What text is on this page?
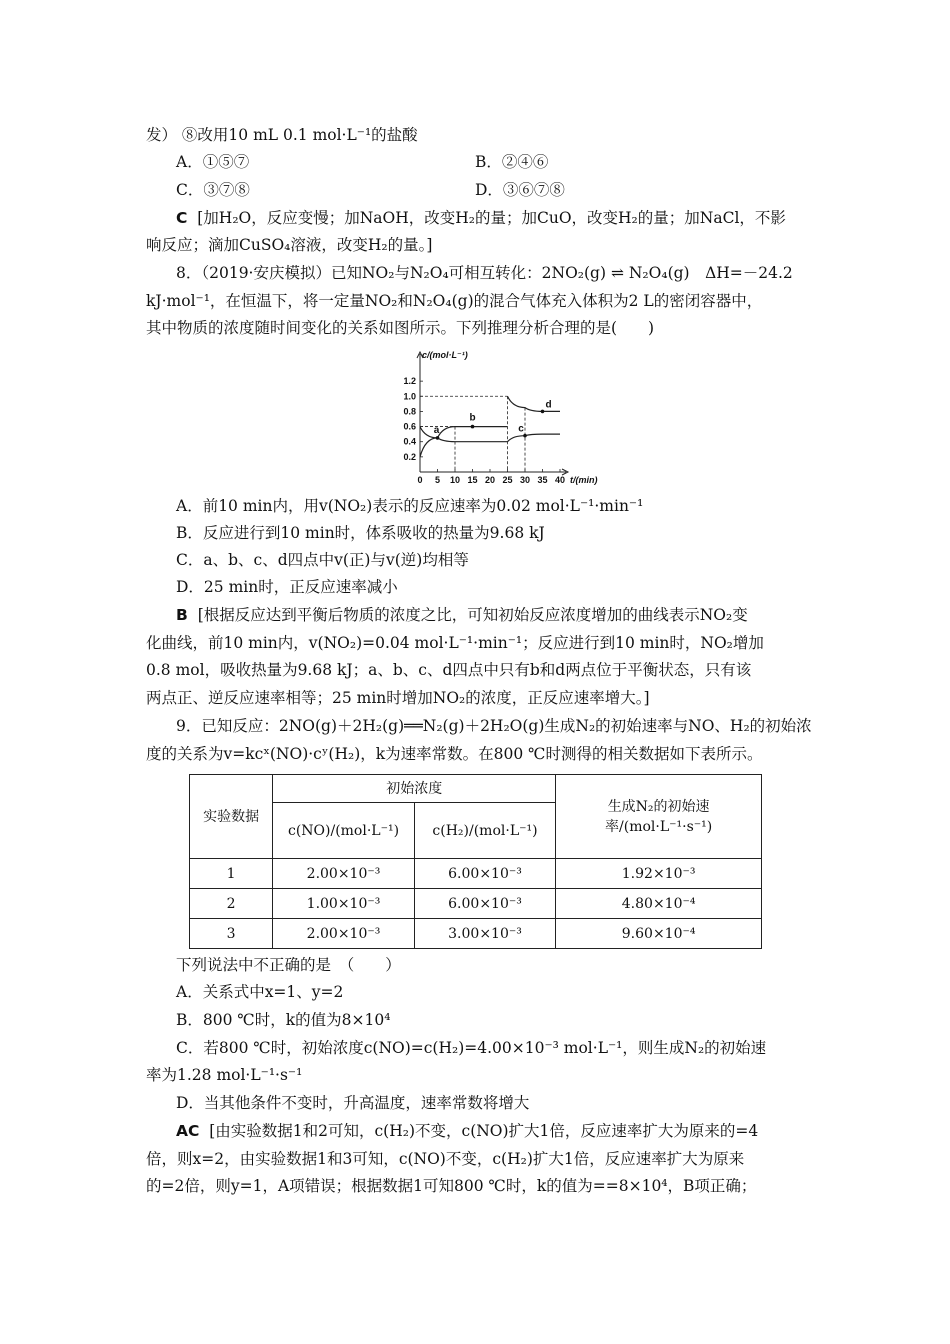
发） ⑧改用10 mL 0.1 mol·L⁻¹的盐酸
A．①⑤⑦	B．②④⑥
C．③⑦⑧	D．③⑥⑦⑧
C [加H₂O，反应变慢；加NaOH，改变H₂的量；加CuO，改变H₂的量；加NaCl，不影
响反应；滴加CuSO₄溶液，改变H₂的量。]
8．（2019·安庆模拟）已知NO₂与N₂O₄可相互转化：2NO₂(g) ⇌ N₂O₄(g)　ΔH=－24.2
kJ·mol⁻¹，在恒温下，将一定量NO₂和N₂O₄(g)的混合气体充入体积为2 L的密闭容器中，
其中物质的浓度随时间变化的关系如图所示。下列推理分析合理的是(　　)
0.2
0.4
0.6
0.8
1.0
1.2
0 5 10 15 20 25 30 35 40
c/(mol·L⁻¹)
t/(min)
a
b
c
d
A．前10 min内，用v(NO₂)表示的反应速率为0.02 mol·L⁻¹·min⁻¹
B．反应进行到10 min时，体系吸收的热量为9.68 kJ
C．a、b、c、d四点中v(正)与v(逆)均相等
D．25 min时，正反应速率减小
B [根据反应达到平衡后物质的浓度之比，可知初始反应浓度增加的曲线表示NO₂变
化曲线，前10 min内，v(NO₂)=0.04 mol·L⁻¹·min⁻¹；反应进行到10 min时，NO₂增加
0.8 mol，吸收热量为9.68 kJ；a、b、c、d四点中只有b和d两点位于平衡状态，只有该
两点正、逆反应速率相等；25 min时增加NO₂的浓度，正反应速率增大。]
9．已知反应：2NO(g)＋2H₂(g)══N₂(g)＋2H₂O(g)生成N₂的初始速率与NO、H₂的初始浓
度的关系为v=kcˣ(NO)·cʸ(H₂)，k为速率常数。在800 ℃时测得的相关数据如下表所示。
实验数据	初始浓度		生成N₂的初始速率/(mol·L⁻¹·s⁻¹)
	c(NO)/(mol·L⁻¹)	c(H₂)/(mol·L⁻¹)	
1	2.00×10⁻³	6.00×10⁻³	1.92×10⁻³
2	1.00×10⁻³	6.00×10⁻³	4.80×10⁻⁴
3	2.00×10⁻³	3.00×10⁻³	9.60×10⁻⁴
下列说法中不正确的是　（　　）
A．关系式中x=1、y=2
B．800 ℃时，k的值为8×10⁴
C．若800 ℃时，初始浓度c(NO)=c(H₂)=4.00×10⁻³ mol·L⁻¹，则生成N₂的初始速
率为1.28 mol·L⁻¹·s⁻¹
D．当其他条件不变时，升高温度，速率常数将增大
AC [由实验数据1和2可知，c(H₂)不变，c(NO)扩大1倍，反应速率扩大为原来的=4
倍，则x=2，由实验数据1和3可知，c(NO)不变，c(H₂)扩大1倍，反应速率扩大为原来
的=2倍，则y=1，A项错误；根据数据1可知800 ℃时，k的值为==8×10⁴，B项正确；
